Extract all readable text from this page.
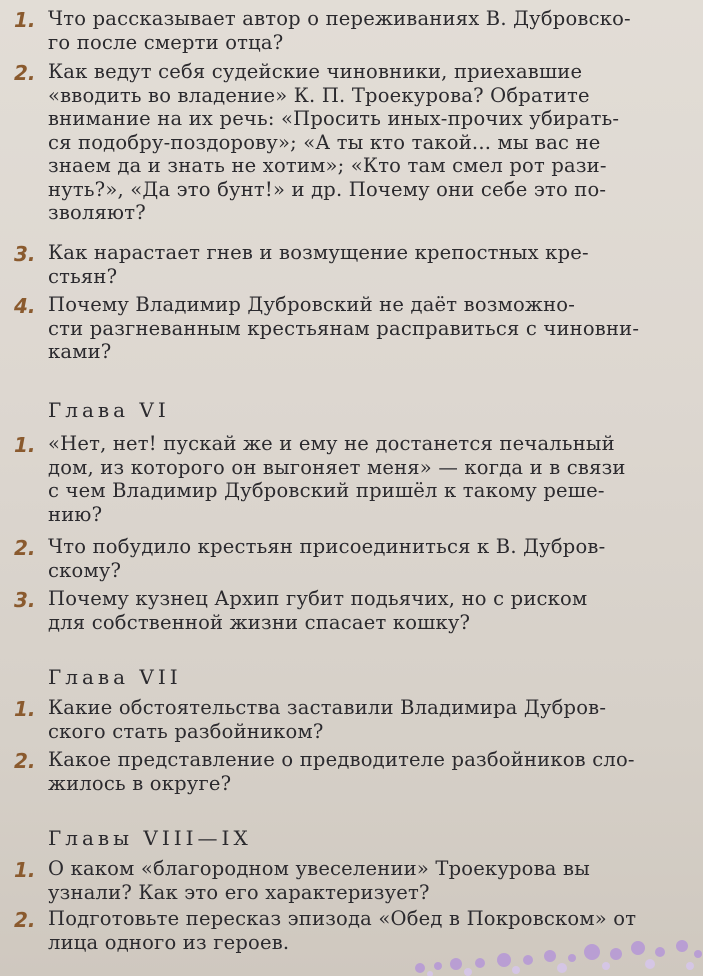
1. Что рассказывает автор о переживаниях В. Дубровско-
го после смерти отца?
2. Как ведут себя судейские чиновники, приехавшие
«вводить во владение» К. П. Троекурова? Обратите
внимание на их речь: «Просить иных-прочих убирать-
ся подобру-поздорову»; «А ты кто такой... мы вас не
знаем да и знать не хотим»; «Кто там смел рот рази-
нуть?», «Да это бунт!» и др. Почему они себе это по-
зволяют?
3. Как нарастает гнев и возмущение крепостных кре-
стьян?
4. Почему Владимир Дубровский не даёт возможно-
сти разгневанным крестьянам расправиться с чиновни-
ками?
Глава VI
1. «Нет, нет! пускай же и ему не достанется печальный
дом, из которого он выгоняет меня» — когда и в связи
с чем Владимир Дубровский пришёл к такому реше-
нию?
2. Что побудило крестьян присоединиться к В. Дубров-
скому?
3. Почему кузнец Архип губит подьячих, но с риском
для собственной жизни спасает кошку?
Глава VII
1. Какие обстоятельства заставили Владимира Дубров-
ского стать разбойником?
2. Какое представление о предводителе разбойников сло-
жилось в округе?
Главы VIII—IX
1. О каком «благородном увеселении» Троекурова вы
узнали? Как это его характеризует?
2. Подготовьте пересказ эпизода «Обед в Покровском» от
лица одного из героев.
